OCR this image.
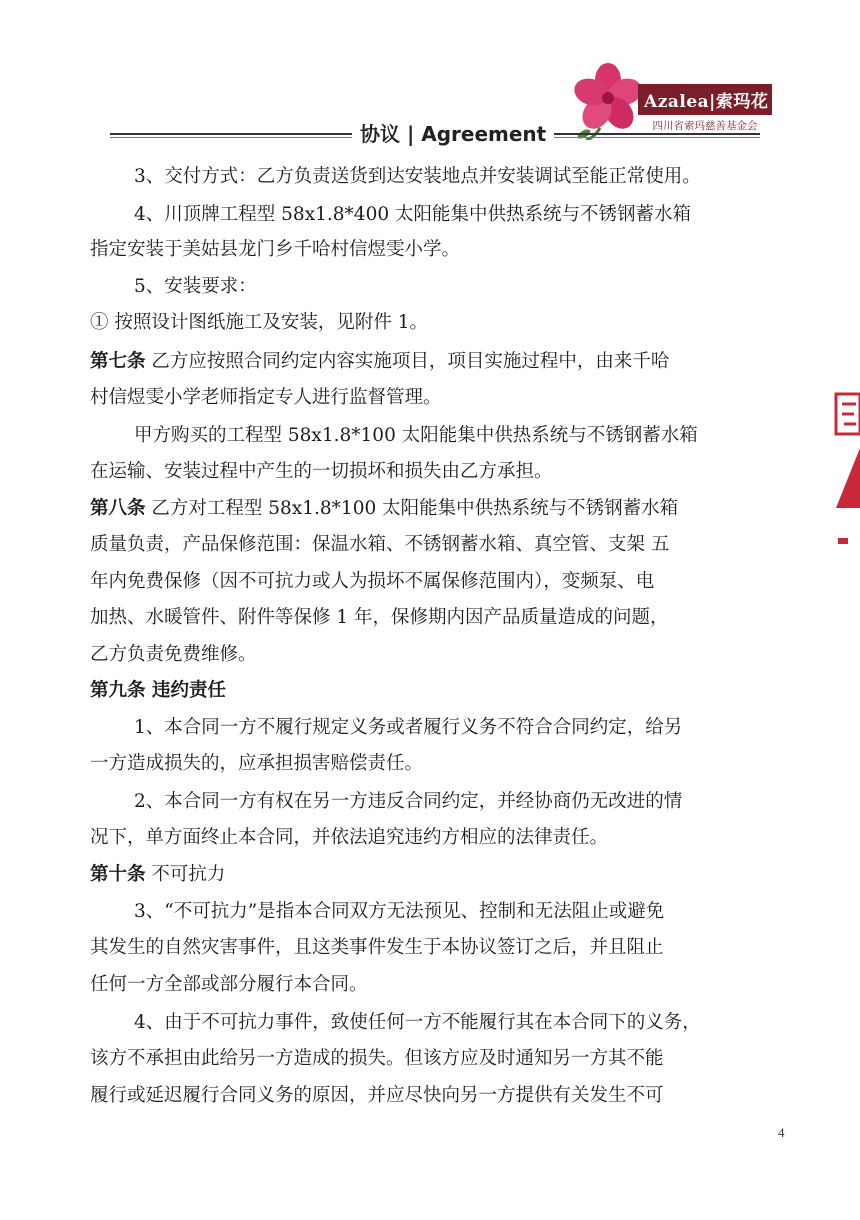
Azalea|索玛花
四川省索玛慈善基金会
协议 | Agreement
3、交付方式：乙方负责送货到达安装地点并安装调试至能正常使用。
4、川顶牌工程型 58x1.8*400 太阳能集中供热系统与不锈钢蓄水箱
指定安装于美姑县龙门乡千哈村信煜雯小学。
5、安装要求：
① 按照设计图纸施工及安装，见附件 1。
第七条 乙方应按照合同约定内容实施项目，项目实施过程中，由来千哈
村信煜雯小学老师指定专人进行监督管理。
甲方购买的工程型 58x1.8*100 太阳能集中供热系统与不锈钢蓄水箱
在运输、安装过程中产生的一切损坏和损失由乙方承担。
第八条 乙方对工程型 58x1.8*100 太阳能集中供热系统与不锈钢蓄水箱
质量负责，产品保修范围：保温水箱、不锈钢蓄水箱、真空管、支架 五
年内免费保修（因不可抗力或人为损坏不属保修范围内），变频泵、电
加热、水暖管件、附件等保修 1 年，保修期内因产品质量造成的问题，
乙方负责免费维修。
第九条 违约责任
1、本合同一方不履行规定义务或者履行义务不符合合同约定，给另
一方造成损失的，应承担损害赔偿责任。
2、本合同一方有权在另一方违反合同约定，并经协商仍无改进的情
况下，单方面终止本合同，并依法追究违约方相应的法律责任。
第十条 不可抗力
3、“不可抗力”是指本合同双方无法预见、控制和无法阻止或避免
其发生的自然灾害事件，且这类事件发生于本协议签订之后，并且阻止
任何一方全部或部分履行本合同。
4、由于不可抗力事件，致使任何一方不能履行其在本合同下的义务，
该方不承担由此给另一方造成的损失。但该方应及时通知另一方其不能
履行或延迟履行合同义务的原因，并应尽快向另一方提供有关发生不可
4
